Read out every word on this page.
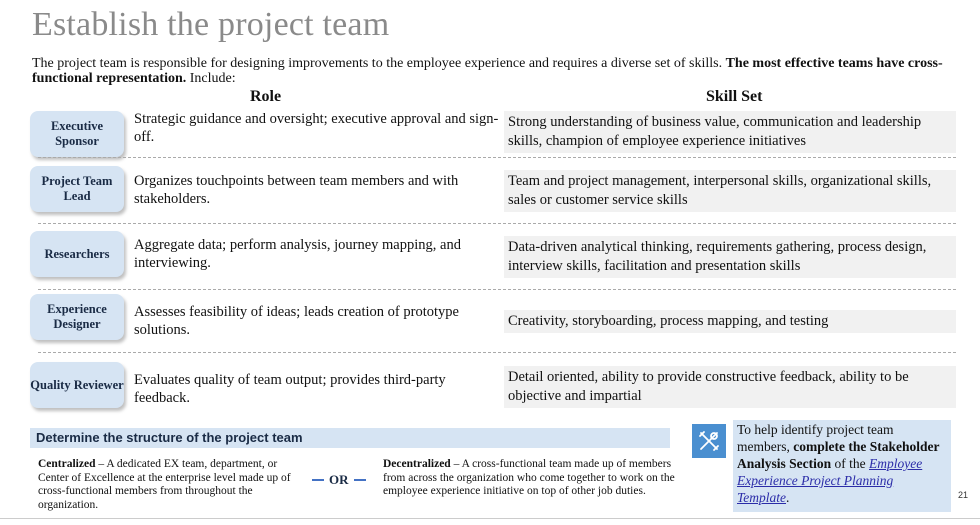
Establish the project team
The project team is responsible for designing improvements to the employee experience and requires a diverse set of skills. The most effective teams have cross-functional representation. Include:
Role	Skill Set
Executive Sponsor
Strategic guidance and oversight; executive approval and sign-off.
Strong understanding of business value, communication and leadership skills, champion of employee experience initiatives
Project Team Lead
Organizes touchpoints between team members and with stakeholders.
Team and project management, interpersonal skills, organizational skills, sales or customer service skills
Researchers
Aggregate data; perform analysis, journey mapping, and interviewing.
Data-driven analytical thinking, requirements gathering, process design, interview skills, facilitation and presentation skills
Experience Designer
Assesses feasibility of ideas; leads creation of prototype solutions.
Creativity, storyboarding, process mapping, and testing
Quality Reviewer Evaluates quality of team output; provides third-party feedback.
Detail oriented, ability to provide constructive feedback, ability to be objective and impartial
Determine the structure of the project team
Centralized – A dedicated EX team, department, or Center of Excellence at the enterprise level made up of cross-functional members from throughout the organization.
OR
Decentralized – A cross-functional team made up of members from across the organization who come together to work on the employee experience initiative on top of other job duties.
To help identify project team members, complete the Stakeholder Analysis Section of the Employee Experience Project Planning Template.	21
